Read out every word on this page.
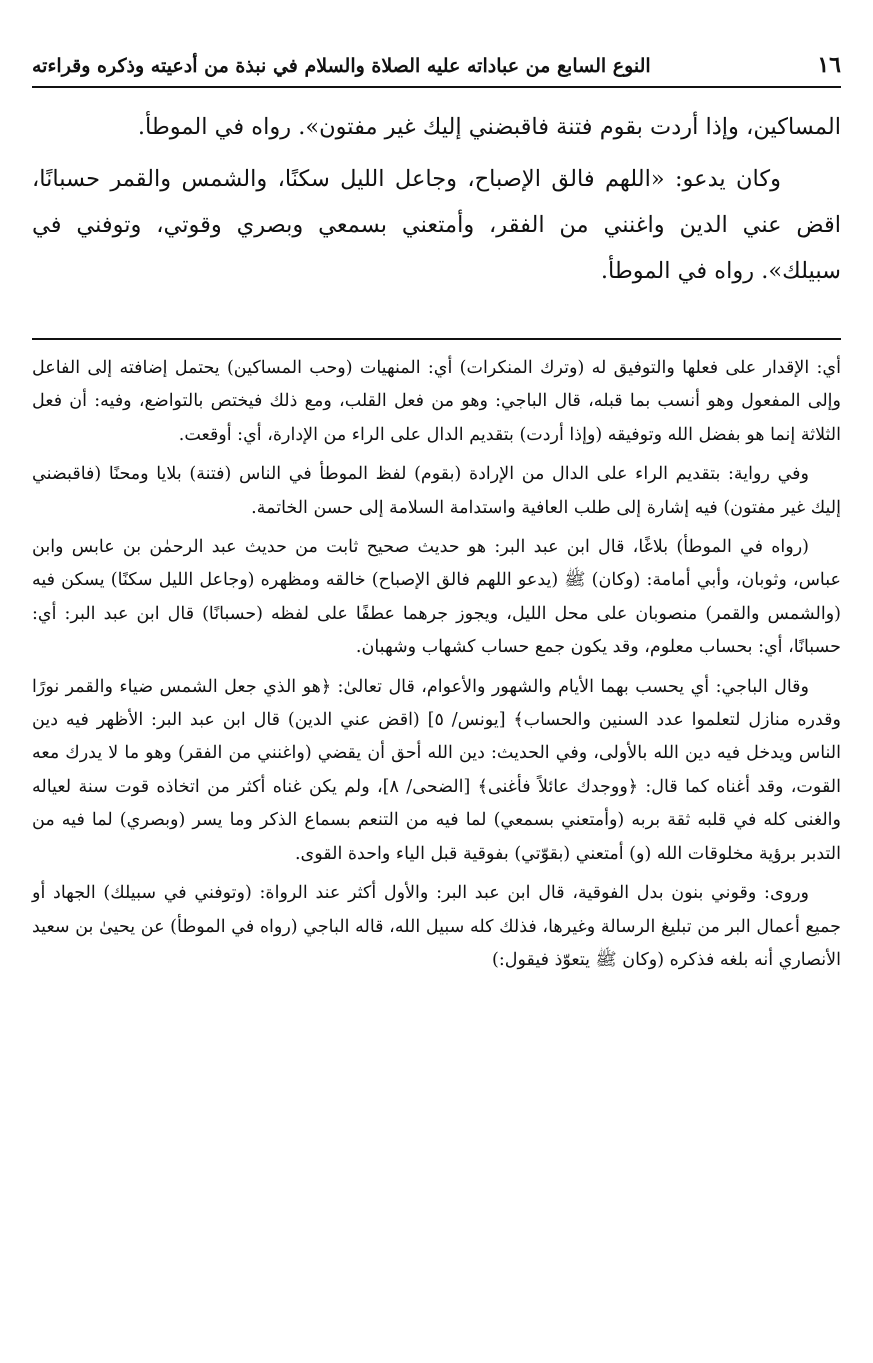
١٦
النوع السابع من عباداته عليه الصلاة والسلام في نبذة من أدعيته وذكره وقراءته

المساكين، وإذا أردت بقوم فتنة فاقبضني إليك غير مفتون». رواه في الموطأ.

وكان يدعو: «اللهم فالق الإصباح، وجاعل الليل سكنًا، والشمس والقمر حسبانًا، اقض عني الدين واغنني من الفقر، وأمتعني بسمعي وبصري وقوتي، وتوفني في سبيلك». رواه في الموطأ.

أي: الإقدار على فعلها والتوفيق له (وترك المنكرات) أي: المنهيات (وحب المساكين) يحتمل إضافته إلى الفاعل وإلى المفعول وهو أنسب بما قبله، قال الباجي: وهو من فعل القلب، ومع ذلك فيختص بالتواضع، وفيه: أن فعل الثلاثة إنما هو بفضل الله وتوفيقه (وإذا أردت) بتقديم الدال على الراء من الإدارة، أي: أوقعت.

وفي رواية: بتقديم الراء على الدال من الإرادة (بقوم) لفظ الموطأ في الناس (فتنة) بلايا ومحنًا (فاقبضني إليك غير مفتون) فيه إشارة إلى طلب العافية واستدامة السلامة إلى حسن الخاتمة.

(رواه في الموطأ) بلاغًا، قال ابن عبد البر: هو حديث صحيح ثابت من حديث عبد الرحمٰن بن عابس وابن عباس، وثوبان، وأبي أمامة: (وكان) ﷺ (يدعو اللهم فالق الإصباح) خالقه ومظهره (وجاعل الليل سكنًا) يسكن فيه (والشمس والقمر) منصوبان على محل الليل، ويجوز جرهما عطفًا على لفظه (حسبانًا) قال ابن عبد البر: أي: حسبانًا، أي: بحساب معلوم، وقد يكون جمع حساب كشهاب وشهبان.

وقال الباجي: أي يحسب بهما الأيام والشهور والأعوام، قال تعالىٰ: ﴿هو الذي جعل الشمس ضياء والقمر نورًا وقدره منازل لتعلموا عدد السنين والحساب﴾ [يونس/ ٥] (اقض عني الدين) قال ابن عبد البر: الأظهر فيه دين الناس ويدخل فيه دين الله بالأولى، وفي الحديث: دين الله أحق أن يقضي (واغنني من الفقر) وهو ما لا يدرك معه القوت، وقد أغناه كما قال: ﴿ووجدك عائلاً فأغنى﴾ [الضحى/ ٨]، ولم يكن غناه أكثر من اتخاذه قوت سنة لعياله والغنى كله في قلبه ثقة بربه (وأمتعني بسمعي) لما فيه من التنعم بسماع الذكر وما يسر (وبصري) لما فيه من التدبر برؤية مخلوقات الله (و) أمتعني (بقوّتي) بفوقية قبل الياء واحدة القوى.

وروى: وقوني بنون بدل الفوقية، قال ابن عبد البر: والأول أكثر عند الرواة: (وتوفني في سبيلك) الجهاد أو جميع أعمال البر من تبليغ الرسالة وغيرها، فذلك كله سبيل الله، قاله الباجي (رواه في الموطأ) عن يحيىٰ بن سعيد الأنصاري أنه بلغه فذكره (وكان ﷺ يتعوّذ فيقول:)
